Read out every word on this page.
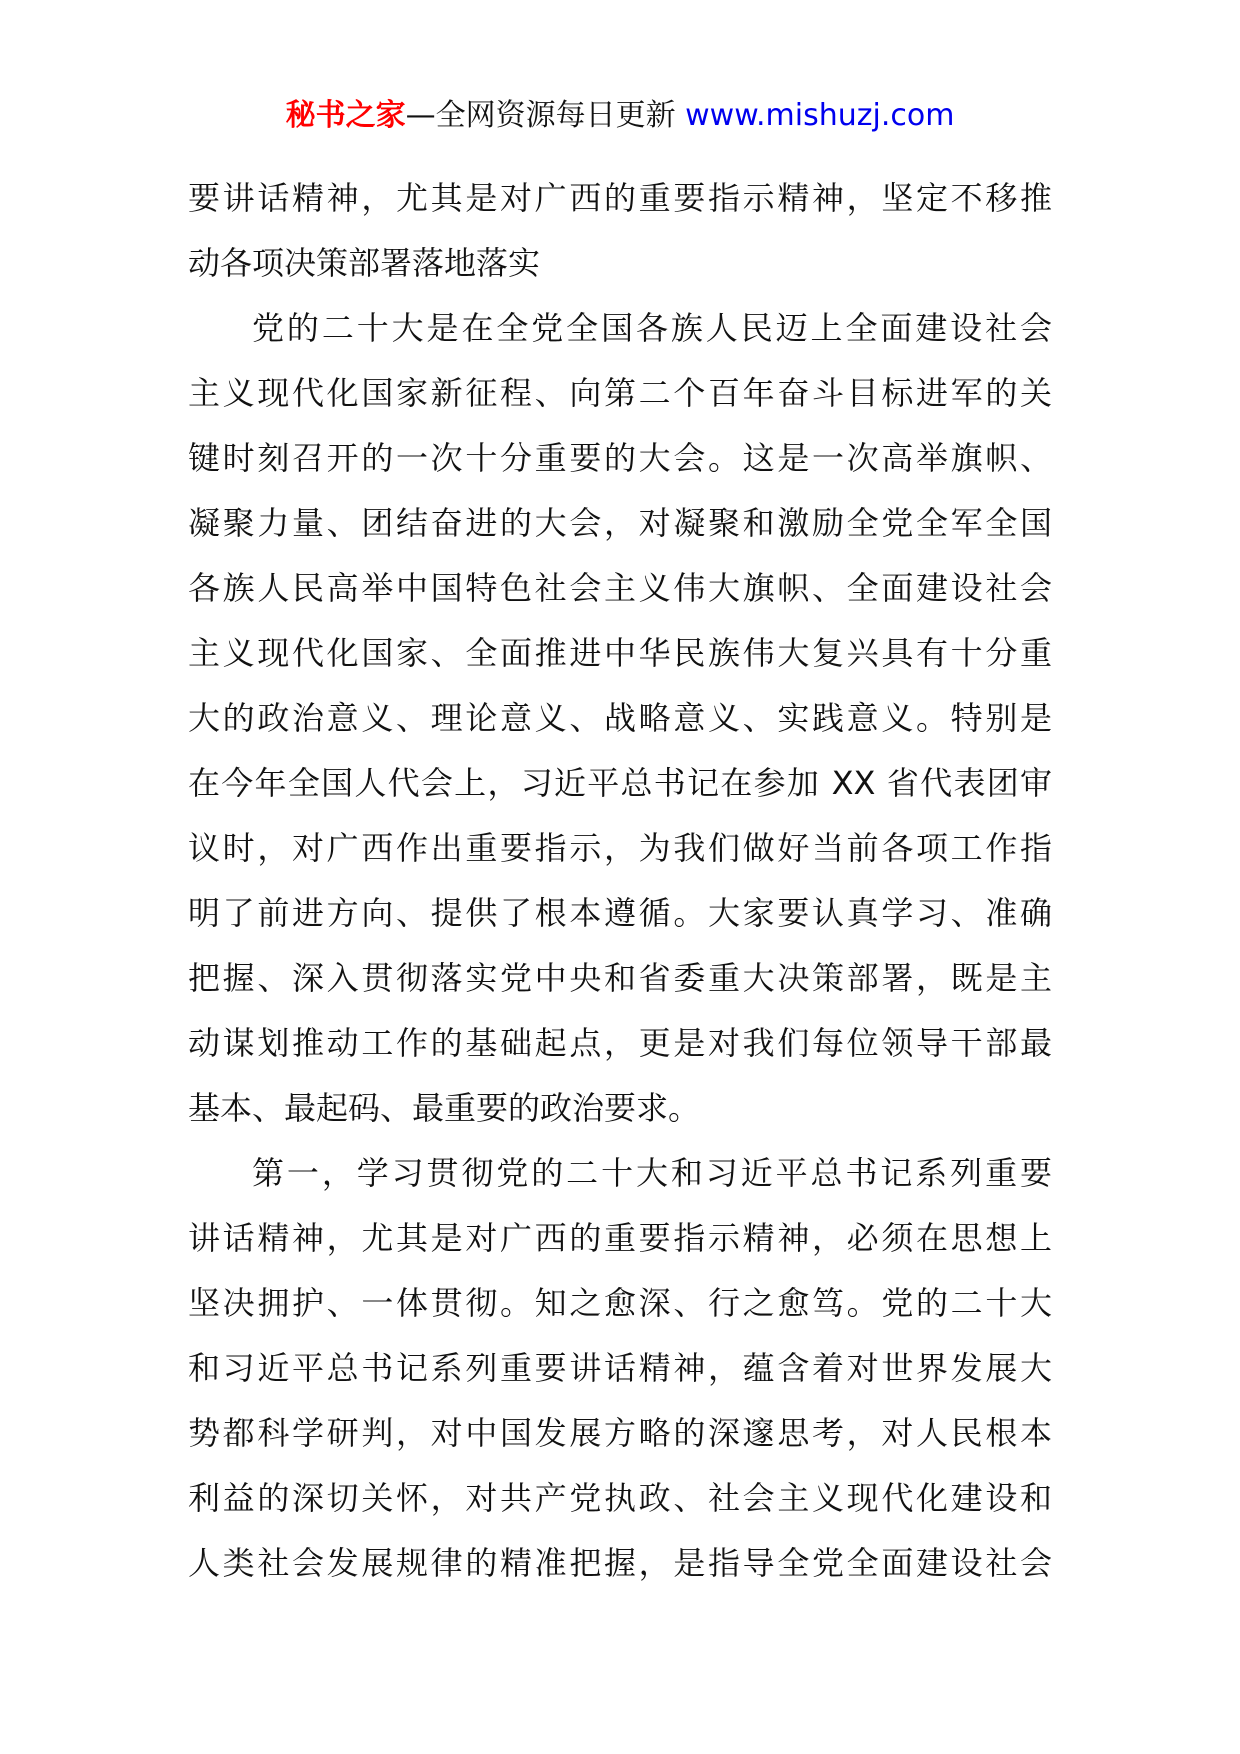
秘书之家—全网资源每日更新 www.mishuzj.com
要讲话精神，尤其是对广西的重要指示精神，坚定不移推
动各项决策部署落地落实
党的二十大是在全党全国各族人民迈上全面建设社会
主义现代化国家新征程、向第二个百年奋斗目标进军的关
键时刻召开的一次十分重要的大会。这是一次高举旗帜、
凝聚力量、团结奋进的大会，对凝聚和激励全党全军全国
各族人民高举中国特色社会主义伟大旗帜、全面建设社会
主义现代化国家、全面推进中华民族伟大复兴具有十分重
大的政治意义、理论意义、战略意义、实践意义。特别是
在今年全国人代会上，习近平总书记在参加 XX 省代表团审
议时，对广西作出重要指示，为我们做好当前各项工作指
明了前进方向、提供了根本遵循。大家要认真学习、准确
把握、深入贯彻落实党中央和省委重大决策部署，既是主
动谋划推动工作的基础起点，更是对我们每位领导干部最
基本、最起码、最重要的政治要求。
第一，学习贯彻党的二十大和习近平总书记系列重要
讲话精神，尤其是对广西的重要指示精神，必须在思想上
坚决拥护、一体贯彻。知之愈深、行之愈笃。党的二十大
和习近平总书记系列重要讲话精神，蕴含着对世界发展大
势都科学研判，对中国发展方略的深邃思考，对人民根本
利益的深切关怀，对共产党执政、社会主义现代化建设和
人类社会发展规律的精准把握，是指导全党全面建设社会
